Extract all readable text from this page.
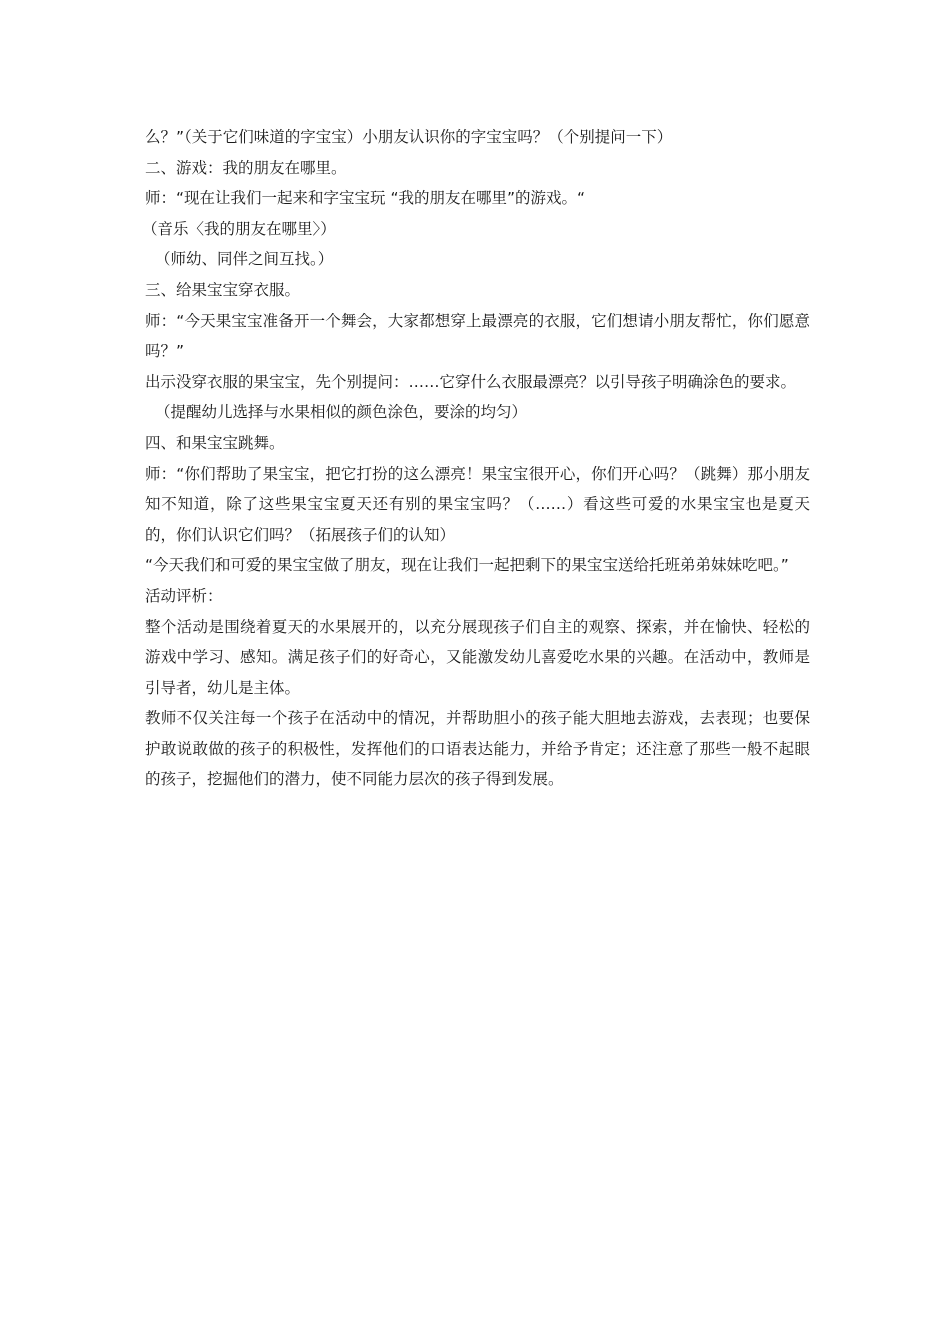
么？”（关于它们味道的字宝宝）小朋友认识你的字宝宝吗？（个别提问一下）

二、游戏：我的朋友在哪里。

师：“现在让我们一起来和字宝宝玩 “我的朋友在哪里”的游戏。“

（音乐〈我的朋友在哪里〉）

（师幼、同伴之间互找。）

三、给果宝宝穿衣服。

师：“今天果宝宝准备开一个舞会，大家都想穿上最漂亮的衣服，它们想请小朋友帮忙，你们愿意吗？”

出示没穿衣服的果宝宝，先个别提问：……它穿什么衣服最漂亮？以引导孩子明确涂色的要求。

（提醒幼儿选择与水果相似的颜色涂色，要涂的均匀）

四、和果宝宝跳舞。

师：“你们帮助了果宝宝，把它打扮的这么漂亮！果宝宝很开心，你们开心吗？（跳舞）那小朋友知不知道，除了这些果宝宝夏天还有别的果宝宝吗？（……）看这些可爱的水果宝宝也是夏天的，你们认识它们吗？（拓展孩子们的认知）

“今天我们和可爱的果宝宝做了朋友，现在让我们一起把剩下的果宝宝送给托班弟弟妹妹吃吧。”

活动评析：

整个活动是围绕着夏天的水果展开的，以充分展现孩子们自主的观察、探索，并在愉快、轻松的游戏中学习、感知。满足孩子们的好奇心，又能激发幼儿喜爱吃水果的兴趣。在活动中，教师是引导者，幼儿是主体。

教师不仅关注每一个孩子在活动中的情况，并帮助胆小的孩子能大胆地去游戏，去表现；也要保护敢说敢做的孩子的积极性，发挥他们的口语表达能力，并给予肯定；还注意了那些一般不起眼的孩子，挖掘他们的潜力，使不同能力层次的孩子得到发展。
